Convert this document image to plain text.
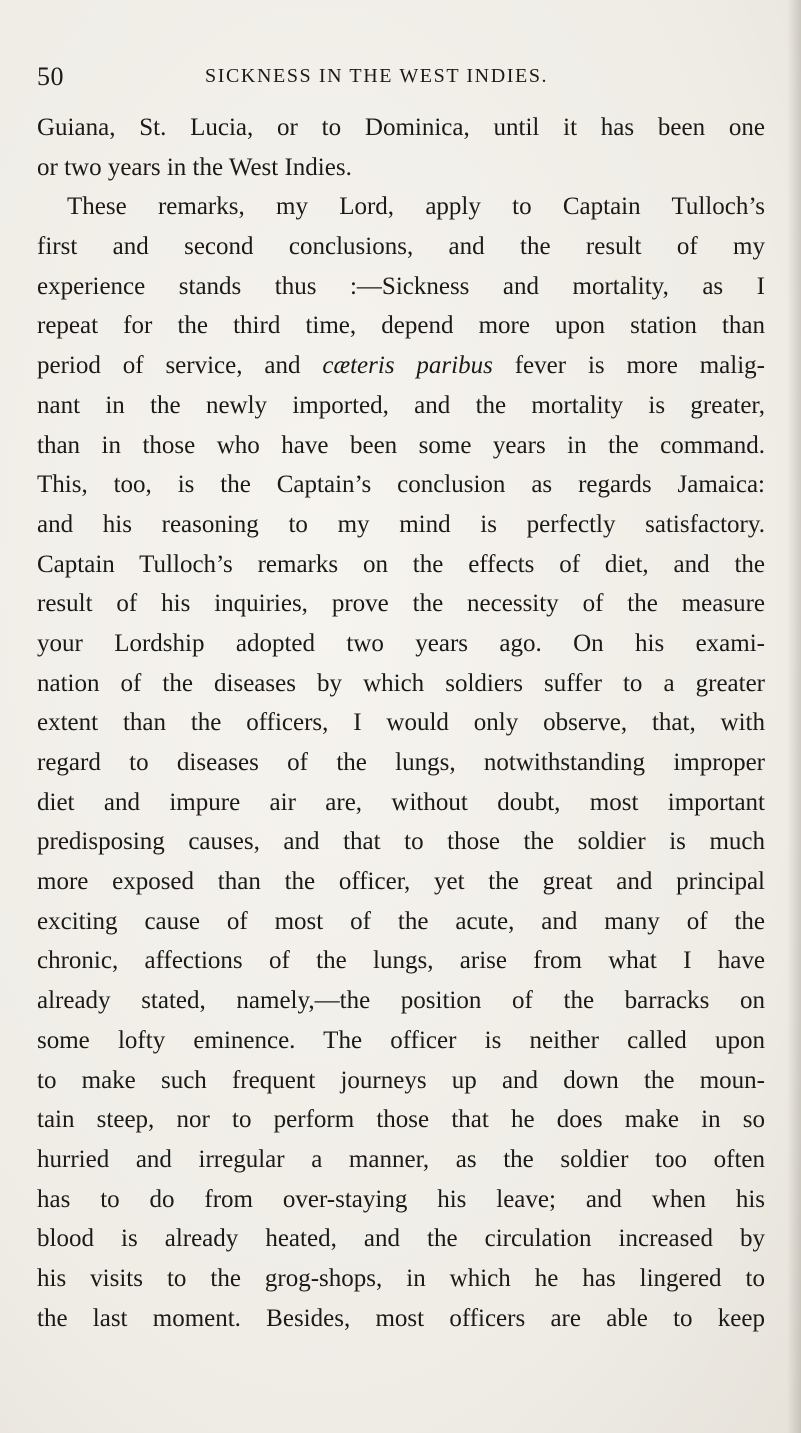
50	SICKNESS IN THE WEST INDIES.
Guiana, St. Lucia, or to Dominica, until it has been one
or two years in the West Indies.
These remarks, my Lord, apply to Captain Tulloch’s
first and second conclusions, and the result of my
experience stands thus :—Sickness and mortality, as I
repeat for the third time, depend more upon station than
period of service, and cæteris paribus fever is more malig-
nant in the newly imported, and the mortality is greater,
than in those who have been some years in the command.
This, too, is the Captain’s conclusion as regards Jamaica:
and his reasoning to my mind is perfectly satisfactory.
Captain Tulloch’s remarks on the effects of diet, and the
result of his inquiries, prove the necessity of the measure
your Lordship adopted two years ago. On his exami-
nation of the diseases by which soldiers suffer to a greater
extent than the officers, I would only observe, that, with
regard to diseases of the lungs, notwithstanding improper
diet and impure air are, without doubt, most important
predisposing causes, and that to those the soldier is much
more exposed than the officer, yet the great and principal
exciting cause of most of the acute, and many of the
chronic, affections of the lungs, arise from what I have
already stated, namely,—the position of the barracks on
some lofty eminence. The officer is neither called upon
to make such frequent journeys up and down the moun-
tain steep, nor to perform those that he does make in so
hurried and irregular a manner, as the soldier too often
has to do from over-staying his leave; and when his
blood is already heated, and the circulation increased by
his visits to the grog-shops, in which he has lingered to
the last moment. Besides, most officers are able to keep
